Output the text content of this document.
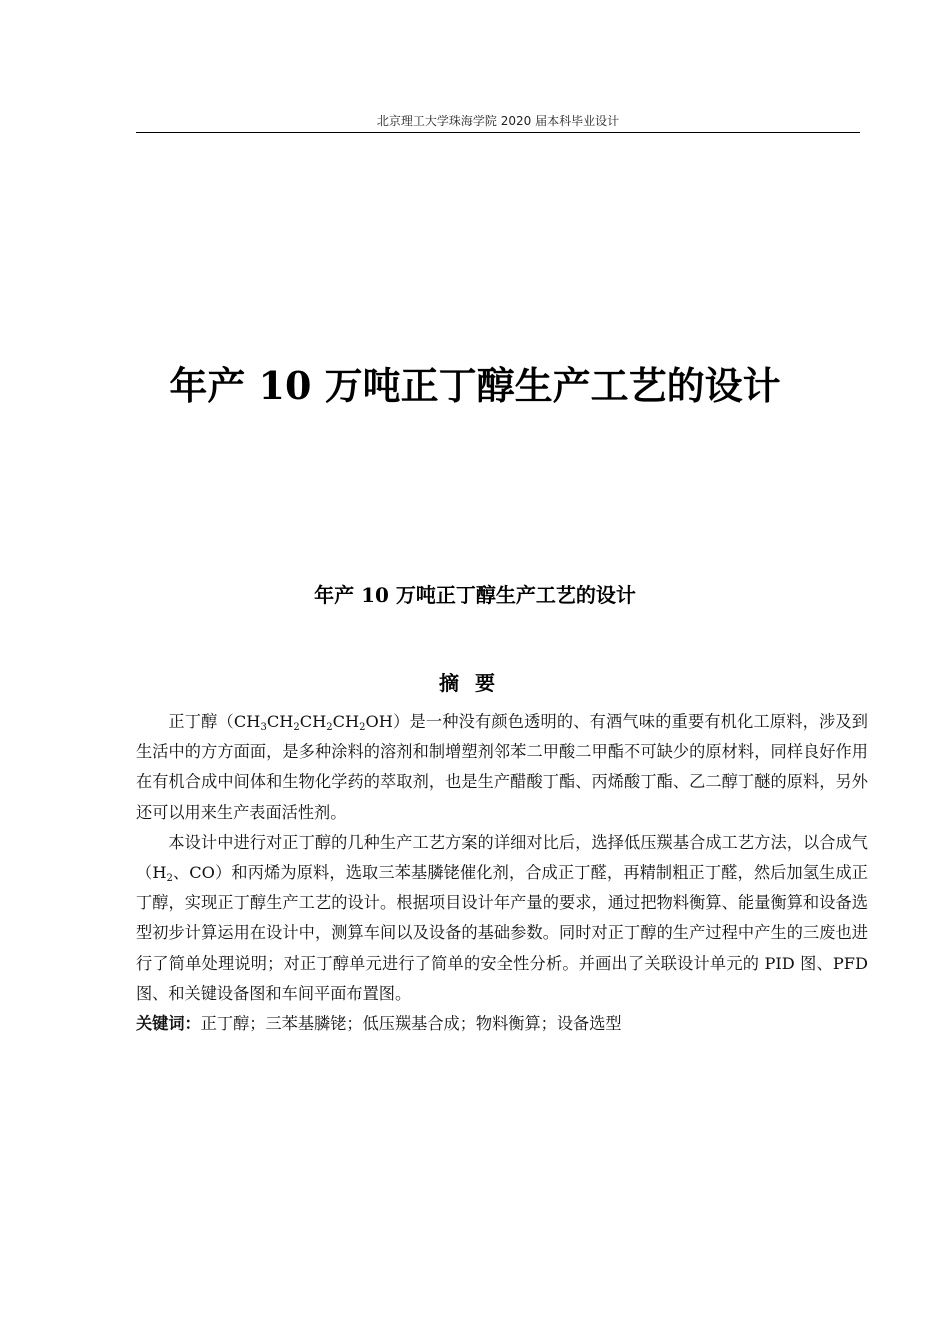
北京理工大学珠海学院 2020 届本科毕业设计
年产 10 万吨正丁醇生产工艺的设计
年产 10 万吨正丁醇生产工艺的设计
摘要

正丁醇$(CH_3CH_2CH_2CH_2OH)$是一种没有颜色透明的、有酒气味的重要有机化工原料，涉及到生活中的方方面面，是多种涂料的溶剂和制增塑剂邻苯二甲酸二甲酯不可缺少的原材料，同样良好作用在有机合成中间体和生物化学药的萃取剂，也是生产醋酸丁酯、丙烯酸丁酯、乙二醇丁醚的原料，另外还可以用来生产表面活性剂。

本设计中进行对正丁醇的几种生产工艺方案的详细对比后，选择低压羰基合成工艺方法，以合成气（$H_2$、CO）和丙烯为原料，选取三苯基膦铑催化剂，合成正丁醛，再精制粗正丁醛，然后加氢生成正丁醇，实现正丁醇生产工艺的设计。根据项目设计年产量的要求，通过把物料衡算、能量衡算和设备选型初步计算运用在设计中，测算车间以及设备的基础参数。同时对正丁醇的生产过程中产生的三废也进行了简单处理说明；对正丁醇单元进行了简单的安全性分析。并画出了关联设计单元的 PID 图、PFD 图、和关键设备图和车间平面布置图。

关键词：正丁醇；三苯基膦铑；低压羰基合成；物料衡算；设备选型
